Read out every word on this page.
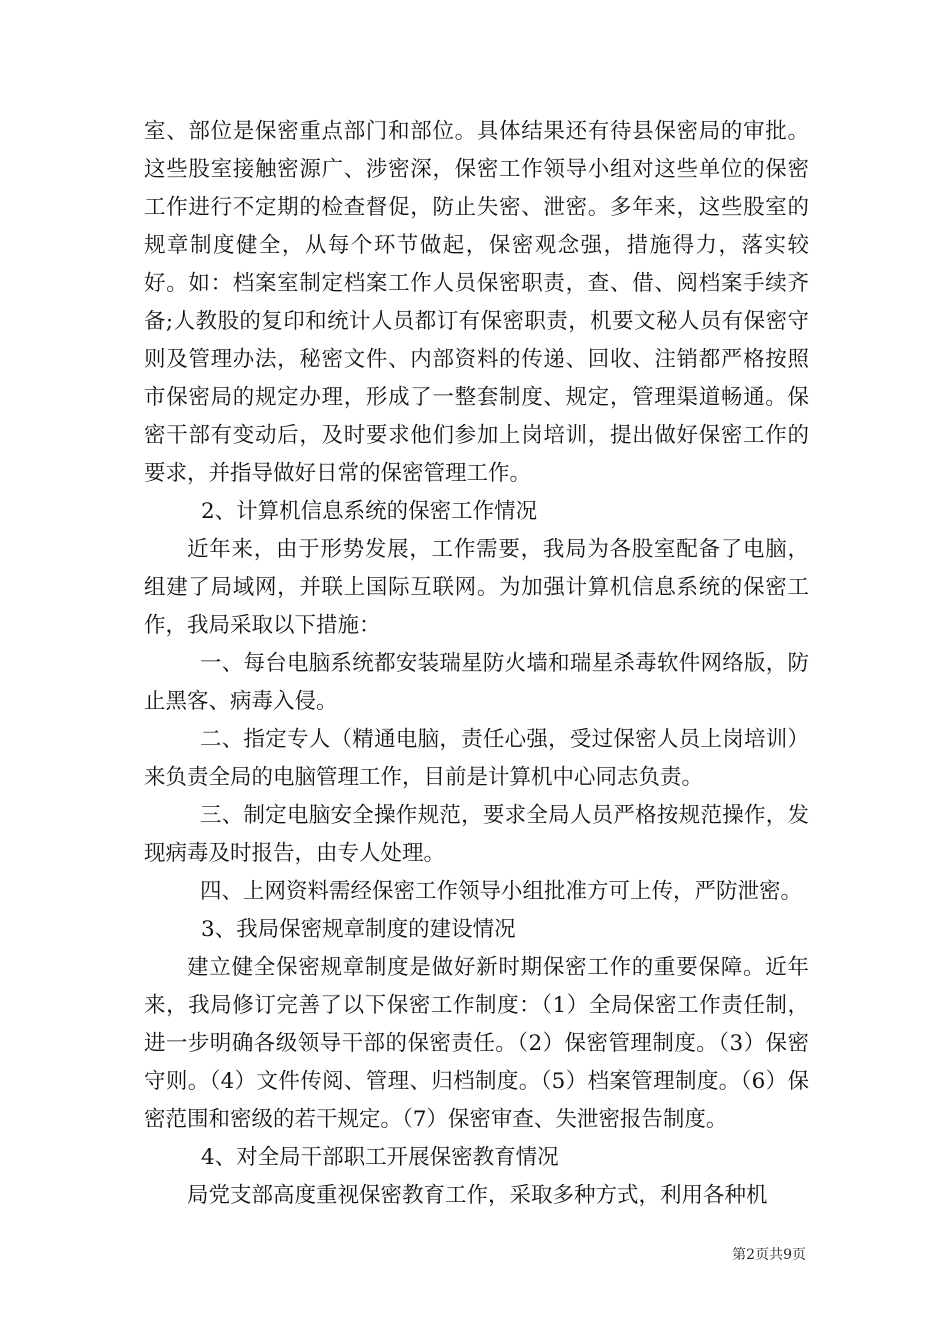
室、部位是保密重点部门和部位。具体结果还有待县保密局的审批。这些股室接触密源广、涉密深，保密工作领导小组对这些单位的保密工作进行不定期的检查督促，防止失密、泄密。多年来，这些股室的规章制度健全，从每个环节做起，保密观念强，措施得力，落实较好。如：档案室制定档案工作人员保密职责，查、借、阅档案手续齐备;人教股的复印和统计人员都订有保密职责，机要文秘人员有保密守则及管理办法，秘密文件、内部资料的传递、回收、注销都严格按照市保密局的规定办理，形成了一整套制度、规定，管理渠道畅通。保密干部有变动后，及时要求他们参加上岗培训，提出做好保密工作的要求，并指导做好日常的保密管理工作。

2、计算机信息系统的保密工作情况

近年来，由于形势发展，工作需要，我局为各股室配备了电脑，组建了局域网，并联上国际互联网。为加强计算机信息系统的保密工作，我局采取以下措施：

一、每台电脑系统都安装瑞星防火墙和瑞星杀毒软件网络版，防止黑客、病毒入侵。

二、指定专人（精通电脑，责任心强，受过保密人员上岗培训）来负责全局的电脑管理工作，目前是计算机中心同志负责。

三、制定电脑安全操作规范，要求全局人员严格按规范操作，发现病毒及时报告，由专人处理。

四、上网资料需经保密工作领导小组批准方可上传，严防泄密。

3、我局保密规章制度的建设情况

建立健全保密规章制度是做好新时期保密工作的重要保障。近年来，我局修订完善了以下保密工作制度：（1）全局保密工作责任制，进一步明确各级领导干部的保密责任。（2）保密管理制度。（3）保密守则。（4）文件传阅、管理、归档制度。（5）档案管理制度。（6）保密范围和密级的若干规定。（7）保密审查、失泄密报告制度。

4、对全局干部职工开展保密教育情况

局党支部高度重视保密教育工作，采取多种方式，利用各种机

第2页共9页
